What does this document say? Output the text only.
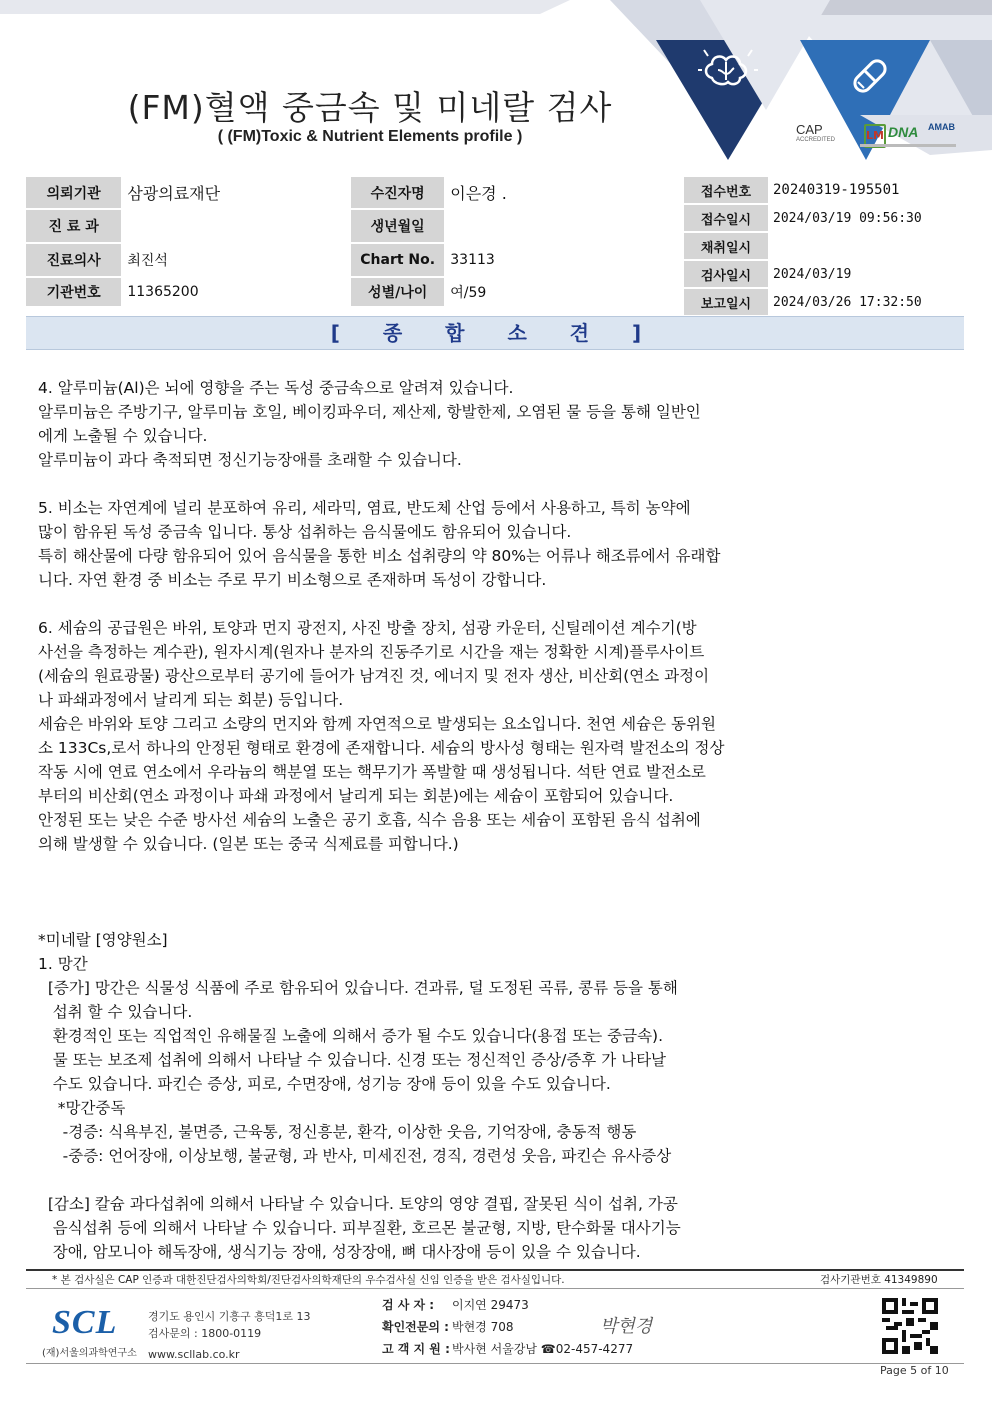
(FM)혈액 중금속 및 미네랄 검사
( (FM)Toxic & Nutrient Elements profile )	CAP
ACCREDITED	LM DNA AMAB
의뢰기관	삼광의료재단	수진자명	이은경 .
진 료 과		생년월일	
진료의사	최진석	Chart No.	33113
기관번호	11365200	성별/나이	여/59
접수번호	20240319-195501
접수일시	2024/03/19 09:56:30
채취일시	
검사일시	2024/03/19
보고일시	2024/03/26 17:32:50
[ 종 합 소 견 ]

4. 알루미늄(Al)은 뇌에 영향을 주는 독성 중금속으로 알려져 있습니다.

알루미늄은 주방기구, 알루미늄 호일, 베이킹파우더, 제산제, 항발한제, 오염된 물 등을 통해 일반인

에게 노출될 수 있습니다.

알루미늄이 과다 축적되면 정신기능장애를 초래할 수 있습니다.

5. 비소는 자연계에 널리 분포하여 유리, 세라믹, 염료, 반도체 산업 등에서 사용하고, 특히 농약에

많이 함유된 독성 중금속 입니다. 통상 섭취하는 음식물에도 함유되어 있습니다.

특히 해산물에 다량 함유되어 있어 음식물을 통한 비소 섭취량의 약 80%는 어류나 해조류에서 유래합

니다. 자연 환경 중 비소는 주로 무기 비소형으로 존재하며 독성이 강합니다.

6. 세슘의 공급원은 바위, 토양과 먼지 광전지, 사진 방출 장치, 섬광 카운터, 신틸레이션 계수기(방

사선을 측정하는 계수관), 원자시계(원자나 분자의 진동주기로 시간을 재는 정확한 시계)플루사이트

(세슘의 원료광물) 광산으로부터 공기에 들어가 남겨진 것, 에너지 및 전자 생산, 비산회(연소 과정이

나 파쇄과정에서 날리게 되는 회분) 등입니다.

세슘은 바위와 토양 그리고 소량의 먼지와 함께 자연적으로 발생되는 요소입니다. 천연 세슘은 동위원

소 133Cs,로서 하나의 안정된 형태로 환경에 존재합니다. 세슘의 방사성 형태는 원자력 발전소의 정상

작동 시에 연료 연소에서 우라늄의 핵분열 또는 핵무기가 폭발할 때 생성됩니다. 석탄 연료 발전소로

부터의 비산회(연소 과정이나 파쇄 과정에서 날리게 되는 회분)에는 세슘이 포함되어 있습니다.

안정된 또는 낮은 수준 방사선 세슘의 노출은 공기 호흡, 식수 음용 또는 세슘이 포함된 음식 섭취에

의해 발생할 수 있습니다. (일본 또는 중국 식제료를 피합니다.)

*미네랄 [영양원소]

1. 망간

[증가] 망간은 식물성 식품에 주로 함유되어 있습니다. 견과류, 덜 도정된 곡류, 콩류 등을 통해

섭취 할 수 있습니다.

환경적인 또는 직업적인 유해물질 노출에 의해서 증가 될 수도 있습니다(용접 또는 중금속).

물 또는 보조제 섭취에 의해서 나타날 수 있습니다. 신경 또는 정신적인 증상/증후 가 나타날

수도 있습니다. 파킨슨 증상, 피로, 수면장애, 성기능 장애 등이 있을 수도 있습니다.

*망간중독

-경증: 식욕부진, 불면증, 근육통, 정신흥분, 환각, 이상한 웃음, 기억장애, 충동적 행동

-중증: 언어장애, 이상보행, 불균형, 과 반사, 미세진전, 경직, 경련성 웃음, 파킨슨 유사증상

[감소] 칼슘 과다섭취에 의해서 나타날 수 있습니다. 토양의 영양 결핍, 잘못된 식이 섭취, 가공

음식섭취 등에 의해서 나타날 수 있습니다. 피부질환, 호르몬 불균형, 지방, 탄수화물 대사기능

장애, 암모니아 해독장애, 생식기능 장애, 성장장애, 뼈 대사장애 등이 있을 수 있습니다.

* 본 검사실은 CAP 인증과 대한진단검사의학회/진단검사의학재단의 우수검사실 신임 인증을 받은 검사실입니다.	검사기관번호 41349890
SCL
(재)서울의과학연구소
경기도 용인시 기흥구 흥덕1로 13
검사문의 : 1800-0119
www.scllab.co.kr
검 사 자 : 이지연 29473
확인전문의 : 박현경 708
고 객 지 원 : 박사현 서울강남 ☎02-457-4277
박현경
Page 5 of 10
